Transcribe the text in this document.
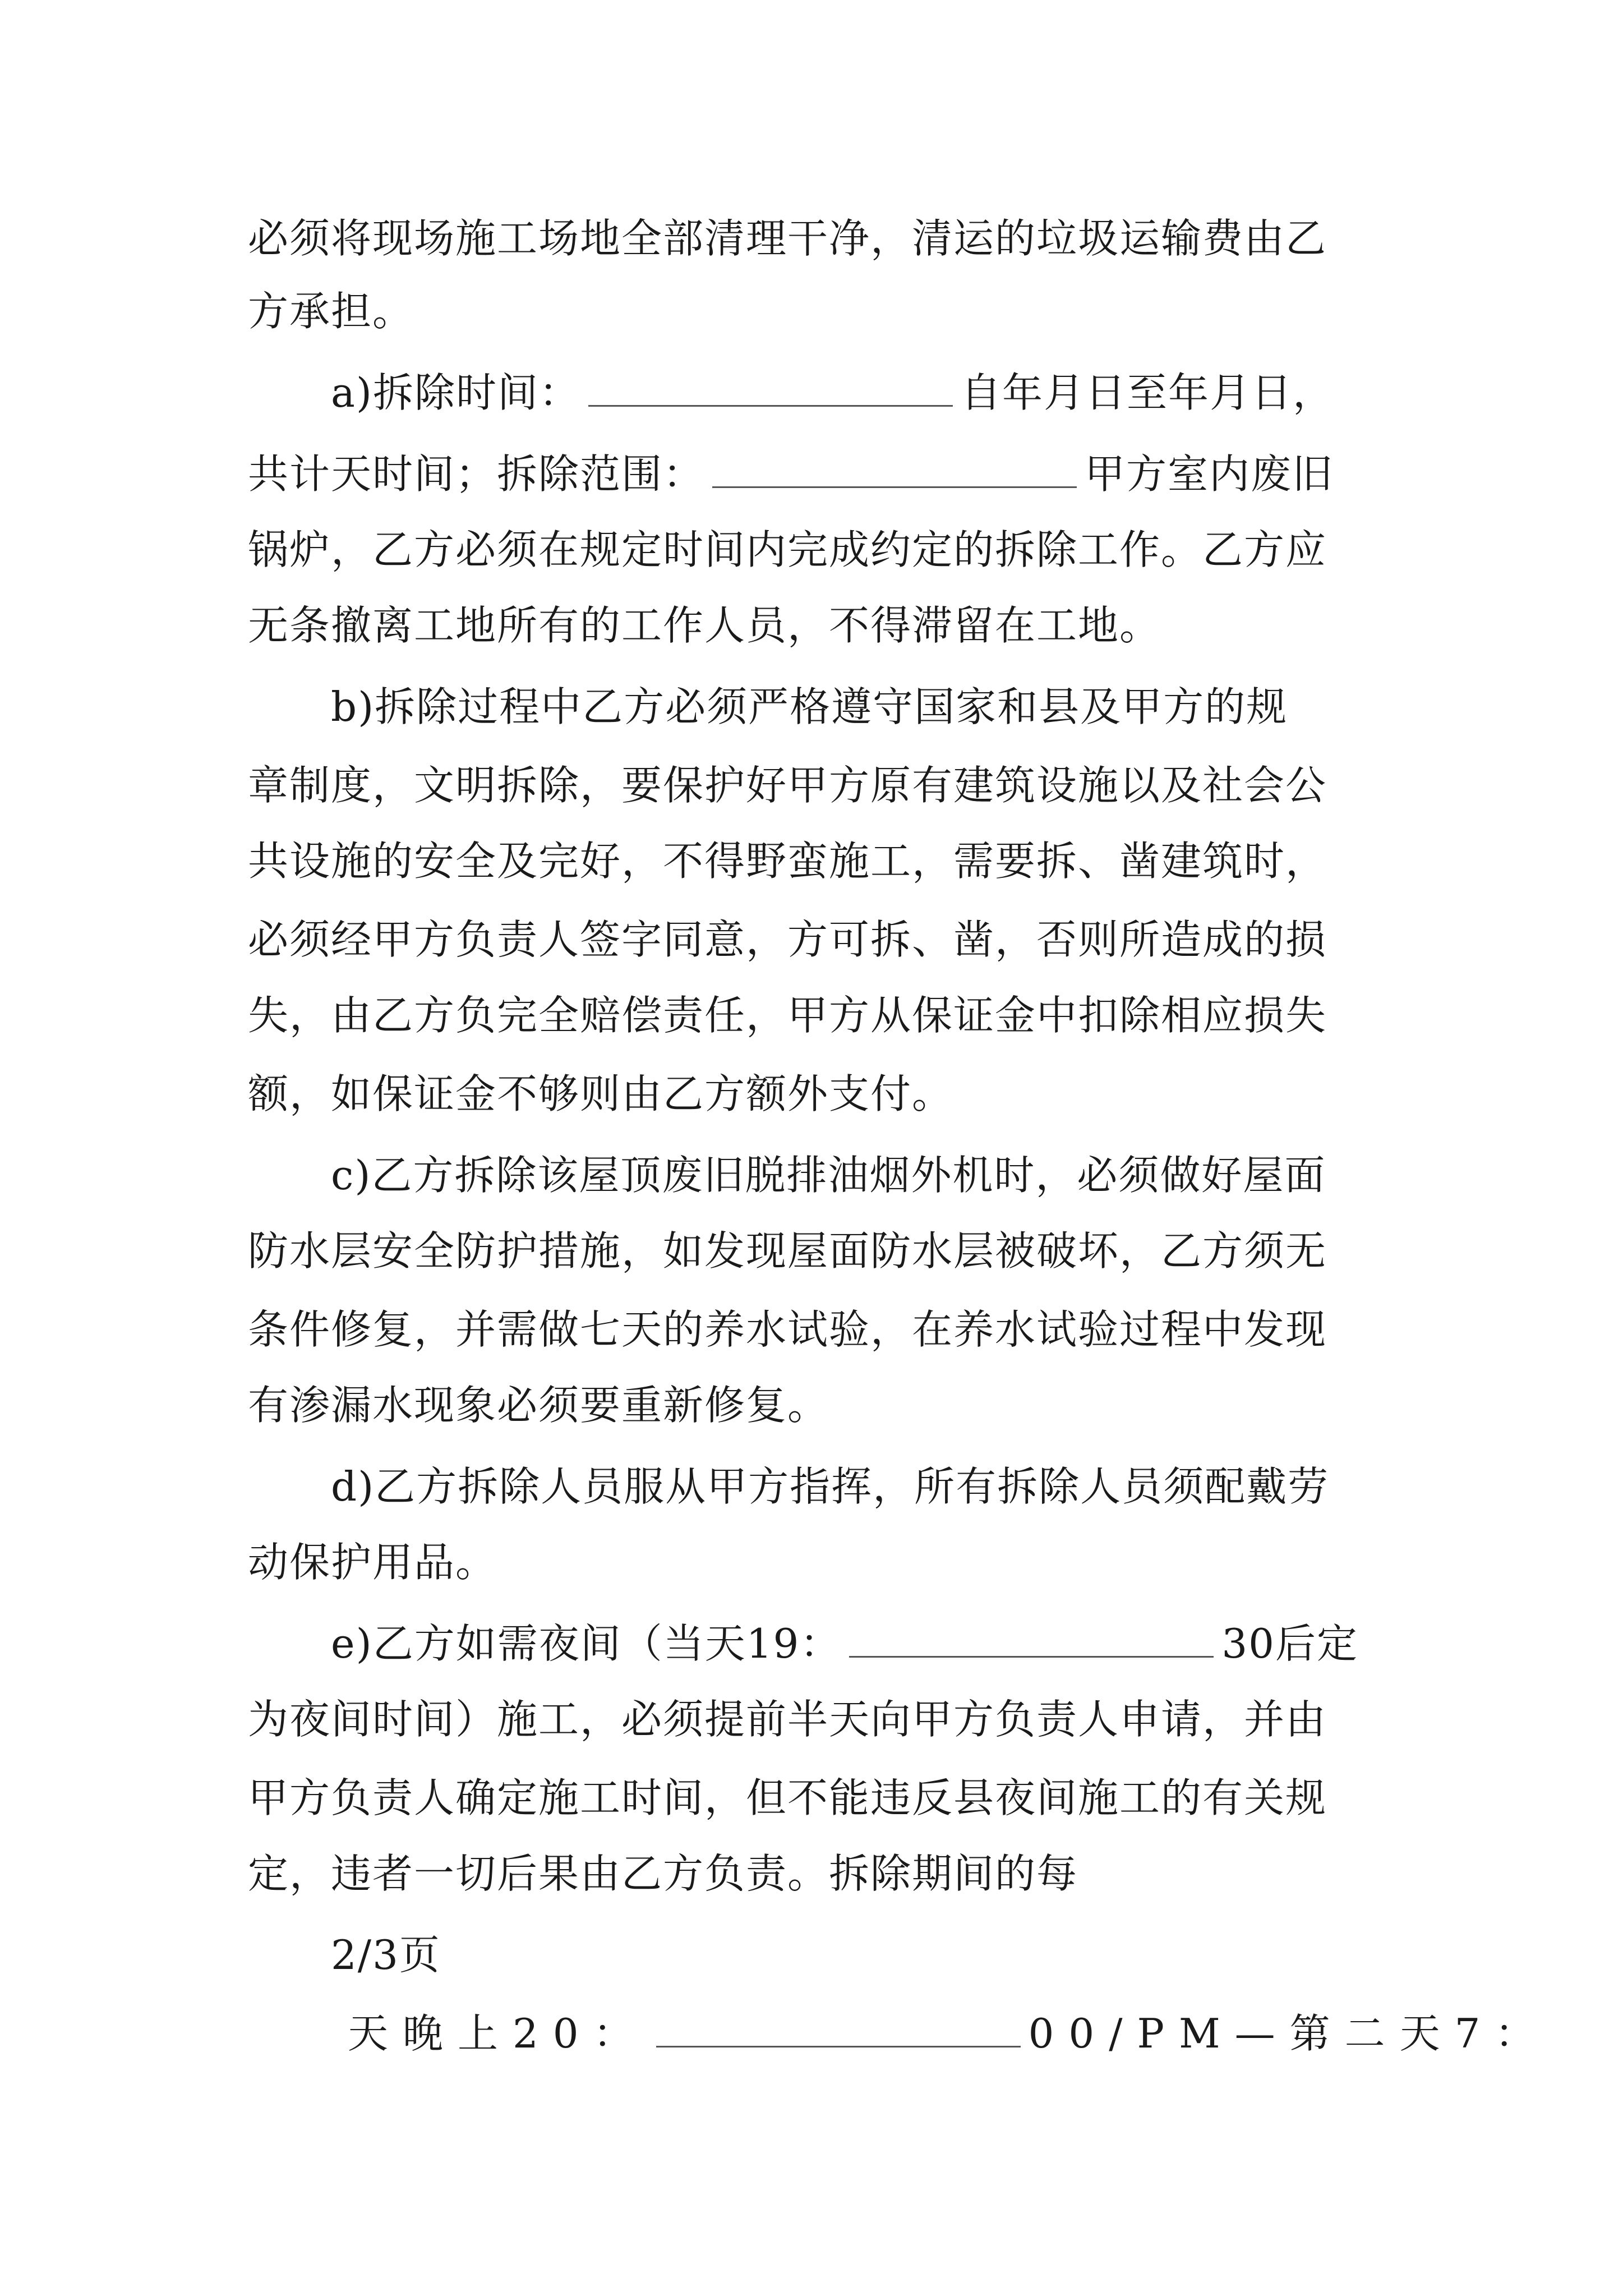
必须将现场施工场地全部清理干净，清运的垃圾运输费由乙
方承担。
a)拆除时间：	自年月日至年月日，
共计天时间；拆除范围：	甲方室内废旧
锅炉，乙方必须在规定时间内完成约定的拆除工作。乙方应
无条撤离工地所有的工作人员，不得滞留在工地。
b)拆除过程中乙方必须严格遵守国家和县及甲方的规
章制度，文明拆除，要保护好甲方原有建筑设施以及社会公
共设施的安全及完好，不得野蛮施工，需要拆、凿建筑时，
必须经甲方负责人签字同意，方可拆、凿，否则所造成的损
失，由乙方负完全赔偿责任，甲方从保证金中扣除相应损失
额，如保证金不够则由乙方额外支付。
c)乙方拆除该屋顶废旧脱排油烟外机时，必须做好屋面
防水层安全防护措施，如发现屋面防水层被破坏，乙方须无
条件修复，并需做七天的养水试验，在养水试验过程中发现
有渗漏水现象必须要重新修复。
d)乙方拆除人员服从甲方指挥，所有拆除人员须配戴劳
动保护用品。
e)乙方如需夜间（当天19：	30后定
为夜间时间）施工，必须提前半天向甲方负责人申请，并由
甲方负责人确定施工时间，但不能违反县夜间施工的有关规
定，违者一切后果由乙方负责。拆除期间的每
2/3页
天晚上20：	00/PM—第二天7：
